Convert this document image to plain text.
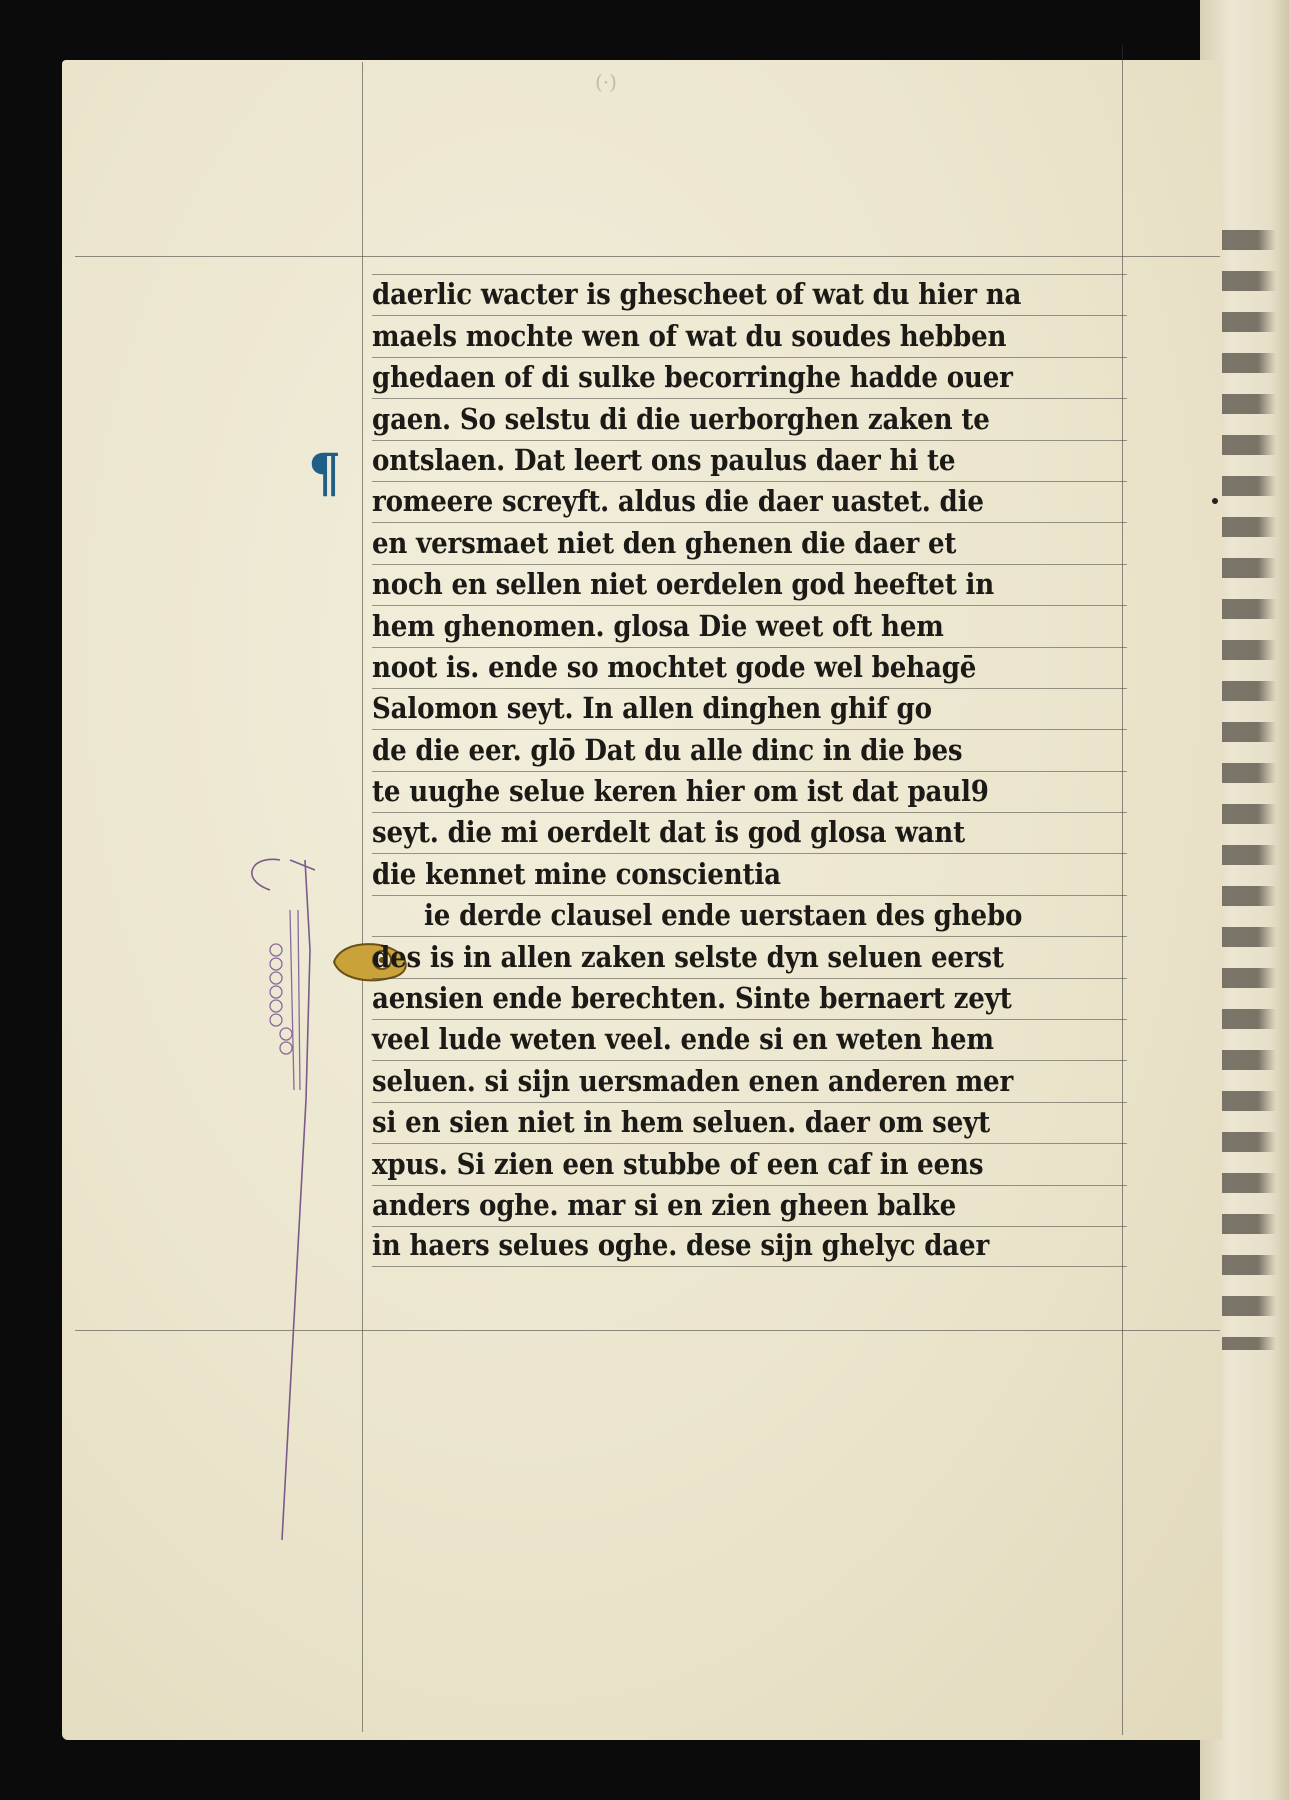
(·)
¶
daerlic wacter is ghescheet of wat du hier na
maels mochte wen of wat du soudes hebben
ghedaen of di sulke becorringhe hadde ouer
gaen. So selstu di die uerborghen zaken te
ontslaen. Dat leert ons paulus daer hi te
romeere screyft. aldus die daer uastet. die
en versmaet niet den ghenen die daer et
noch en sellen niet oerdelen god heeftet in
hem ghenomen. glosa Die weet oft hem
noot is. ende so mochtet gode wel behagē
Salomon seyt. In allen dinghen ghif go
de die eer. glō Dat du alle dinc in die bes
te uughe selue keren hier om ist dat paul9
seyt. die mi oerdelt dat is god glosa want
die kennet mine conscientia
ie derde clausel ende uerstaen des ghebo
des is in allen zaken selste dyn seluen eerst
aensien ende berechten. Sinte bernaert zeyt
veel lude weten veel. ende si en weten hem
seluen. si sijn uersmaden enen anderen mer
si en sien niet in hem seluen. daer om seyt
xpus. Si zien een stubbe of een caf in eens
anders oghe. mar si en zien gheen balke
in haers selues oghe. dese sijn ghelyc daer
